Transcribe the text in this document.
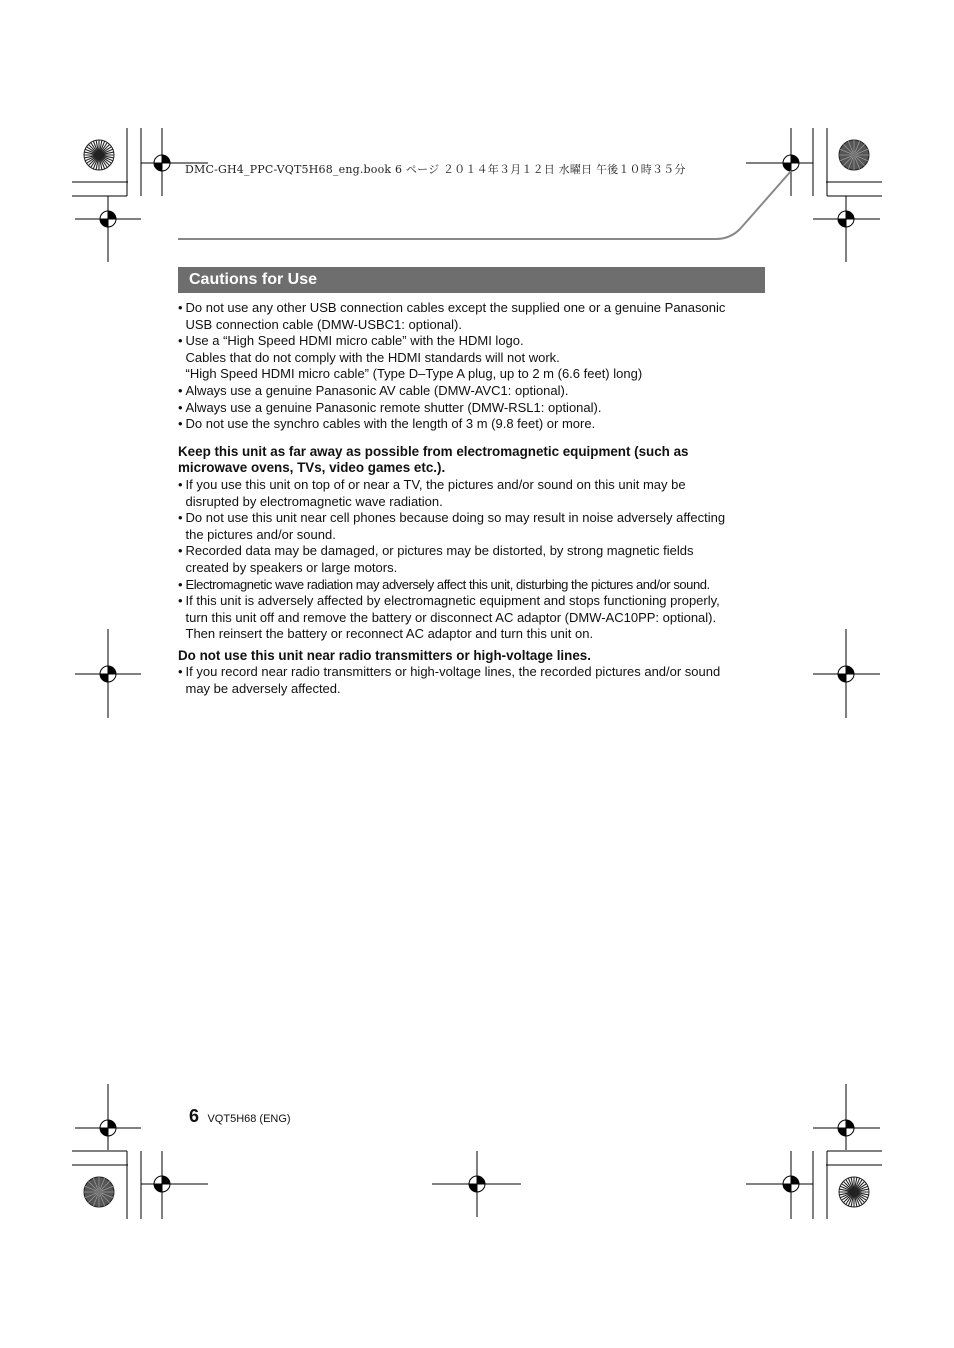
DMC-GH4_PPC-VQT5H68_eng.book 6 ページ ２０１４年３月１２日 水曜日 午後１０時３５分
Cautions for Use
• Do not use any other USB connection cables except the supplied one or a genuine Panasonic
USB connection cable (DMW-USBC1: optional).
• Use a “High Speed HDMI micro cable” with the HDMI logo.
Cables that do not comply with the HDMI standards will not work.
“High Speed HDMI micro cable” (Type D–Type A plug, up to 2 m (6.6 feet) long)
• Always use a genuine Panasonic AV cable (DMW-AVC1: optional).
• Always use a genuine Panasonic remote shutter (DMW-RSL1: optional).
• Do not use the synchro cables with the length of 3 m (9.8 feet) or more.
Keep this unit as far away as possible from electromagnetic equipment (such as
microwave ovens, TVs, video games etc.).
• If you use this unit on top of or near a TV, the pictures and/or sound on this unit may be
disrupted by electromagnetic wave radiation.
• Do not use this unit near cell phones because doing so may result in noise adversely affecting
the pictures and/or sound.
• Recorded data may be damaged, or pictures may be distorted, by strong magnetic fields
created by speakers or large motors.
• Electromagnetic wave radiation may adversely affect this unit, disturbing the pictures and/or sound.
• If this unit is adversely affected by electromagnetic equipment and stops functioning properly,
turn this unit off and remove the battery or disconnect AC adaptor (DMW-AC10PP: optional).
Then reinsert the battery or reconnect AC adaptor and turn this unit on.
Do not use this unit near radio transmitters or high-voltage lines.
• If you record near radio transmitters or high-voltage lines, the recorded pictures and/or sound
may be adversely affected.
6 VQT5H68 (ENG)
